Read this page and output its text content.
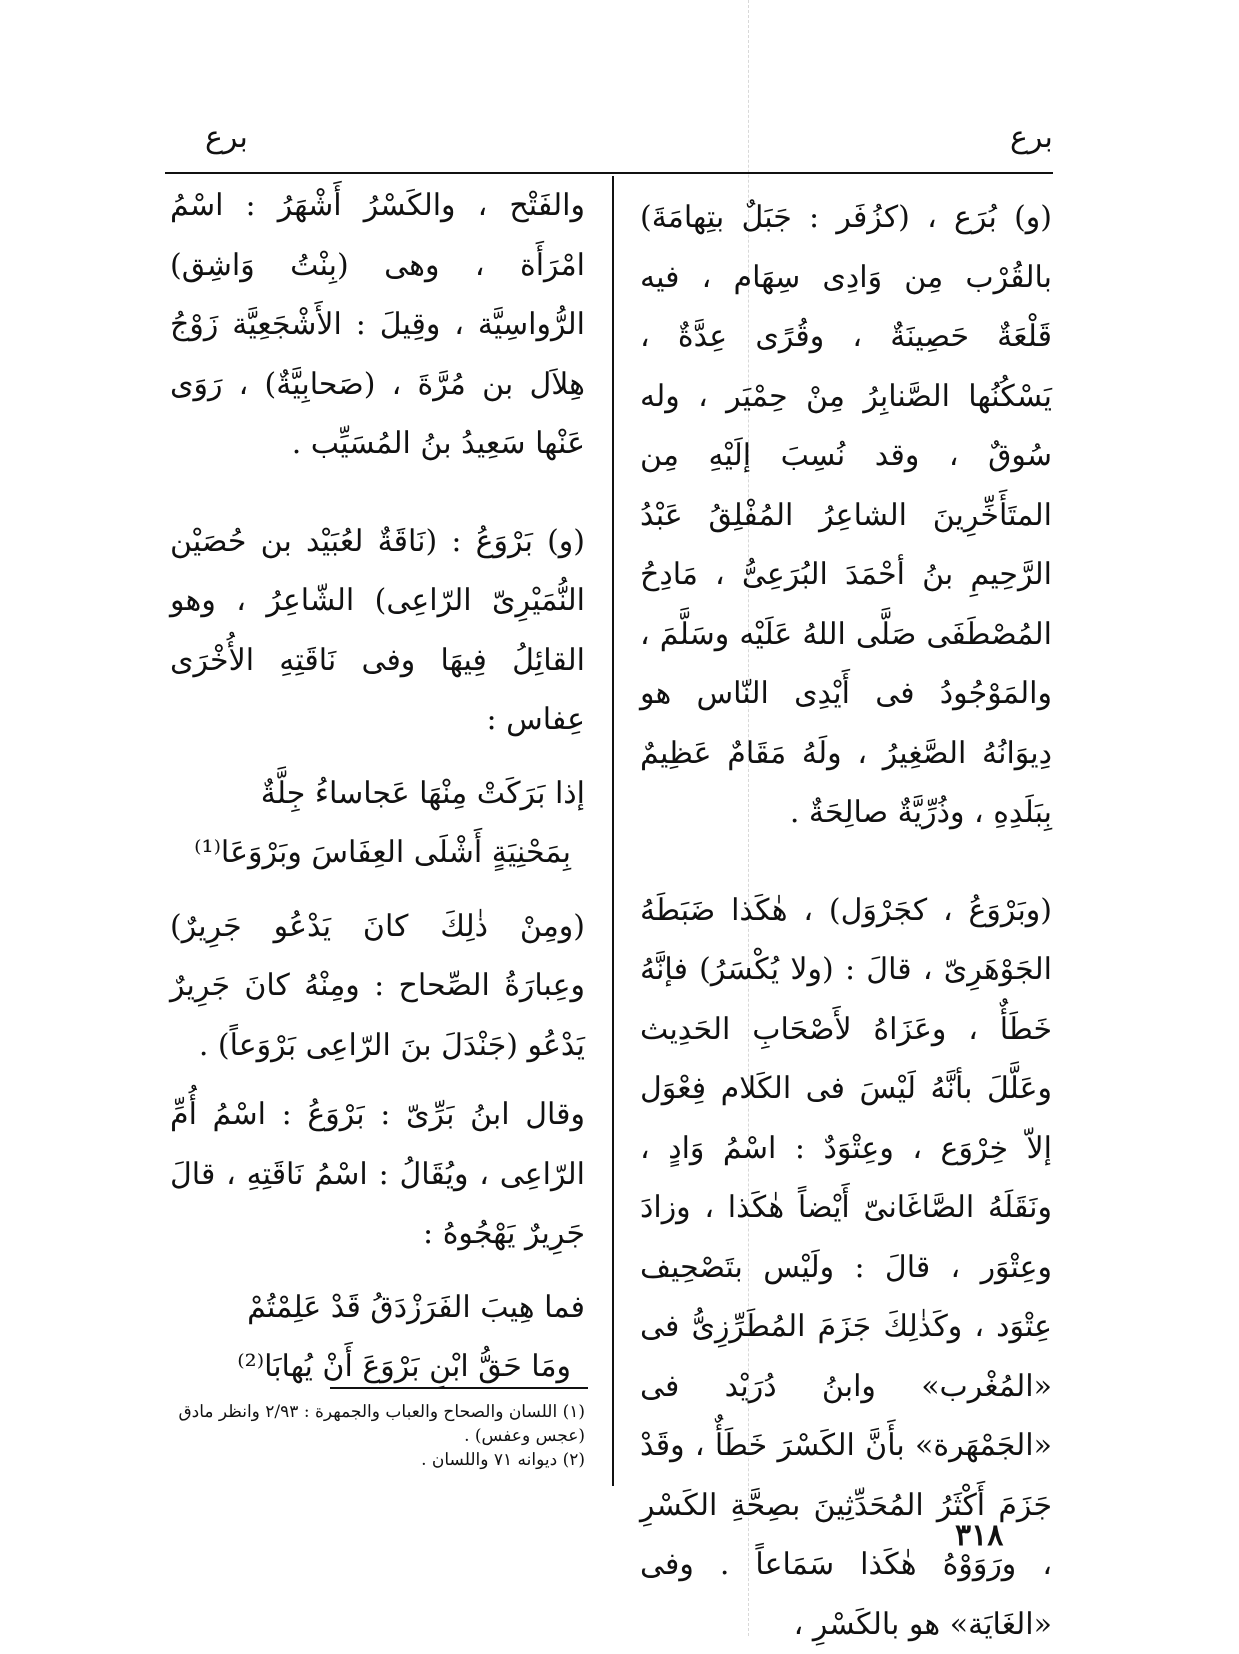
برع
برع

(و) بُرَع ، (كزُفَر : جَبَلٌ بتِهامَةَ) بالقُرْب مِن وَادِى سِهَام ، فيه قَلْعَةٌ حَصِينَةٌ ، وقُرًى عِدَّةٌ ، يَسْكُنُها الصَّنابِرُ مِنْ حِمْيَر ، وله سُوقٌ ، وقد نُسِبَ إلَيْهِ مِن المتَأَخِّرِينَ الشاعِرُ المُفْلِقُ عَبْدُ الرَّحِيمِ بنُ أحْمَدَ البُرَعِىُّ ، مَادِحُ المُصْطَفَى صَلَّى اللهُ عَلَيْه وسَلَّمَ ، والمَوْجُودُ فى أَيْدِى النّاس هو دِيوَانُهُ الصَّغِيرُ ، ولَهُ مَقَامٌ عَظِيمٌ بِبَلَدِهِ ، وذُرِّيَّةٌ صالِحَةٌ .

(وبَرْوَعُ ، كجَرْوَل) ، هٰكَذا ضَبَطَهُ الجَوْهَرِىّ ، قالَ : (ولا يُكْسَرُ) فإنَّهُ خَطَأٌ ، وعَزَاهُ لأَصْحَابِ الحَدِيث وعَلَّلَ بأنَّهُ لَيْسَ فى الكَلام فِعْوَل إلاّ خِرْوَع ، وعِتْوَدٌ : اسْمُ وَادٍ ، ونَقَلَهُ الصَّاغَانىّ أَيْضاً هٰكَذا ، وزادَ وعِتْوَر ، قالَ : ولَيْس بتَصْحِيف عِتْوَد ، وكَذٰلِكَ جَزَمَ المُطَرِّزِىُّ فى «المُغْرب» وابنُ دُرَيْد فى «الجَمْهَرة» بأَنَّ الكَسْرَ خَطَأٌ ، وقَدْ جَزَمَ أَكْثَرُ المُحَدِّثِينَ بصِحَّةِ الكَسْرِ ، ورَوَوْهُ هٰكَذا سَمَاعاً . وفى «الغَايَة» هو بالكَسْرِ ،

والفَتْح ، والكَسْرُ أَشْهَرُ : اسْمُ امْرَأَة ، وهى (بِنْتُ وَاشِق) الرُّواسِيَّة ، وقِيلَ : الأَشْجَعِيَّة زَوْجُ هِلاَل بن مُرَّةَ ، (صَحابِيَّةٌ) ، رَوَى عَنْها سَعِيدُ بنُ المُسَيِّب .

(و) بَرْوَعُ : (نَاقَةٌ لعُبَيْد بن حُصَيْن النُّمَيْرِىّ الرّاعِى) الشّاعِرُ ، وهو القائِلُ فِيهَا وفى نَاقَتِهِ الأُخْرَى عِفاس :

إذا بَرَكَتْ مِنْهَا عَجاساءُ جِلَّةٌ

بِمَحْنِيَةٍ أَشْلَى العِفَاسَ وبَرْوَعَا⁽¹⁾

(ومِنْ ذٰلِكَ كانَ يَدْعُو جَرِيرٌ) وعِبارَةُ الصِّحاح : ومِنْهُ كانَ جَرِيرٌ يَدْعُو (جَنْدَلَ بنَ الرّاعِى بَرْوَعاً) .

وقال ابنُ بَرِّىّ : بَرْوَعُ : اسْمُ أُمِّ الرّاعِى ، ويُقَالُ : اسْمُ نَاقَتِهِ ، قالَ جَرِيرٌ يَهْجُوهُ :

فما هِيبَ الفَرَزْدَقُ قَدْ عَلِمْتُمْ

ومَا حَقُّ ابْنِ بَرْوَعَ أَنْ يُهابَا⁽²⁾

(١) اللسان والصحاح والعباب والجمهرة : ٢/٩٣ وانظر مادق (عجس وعفس) .

(٢) ديوانه ٧١ واللسان .

٣١٨
